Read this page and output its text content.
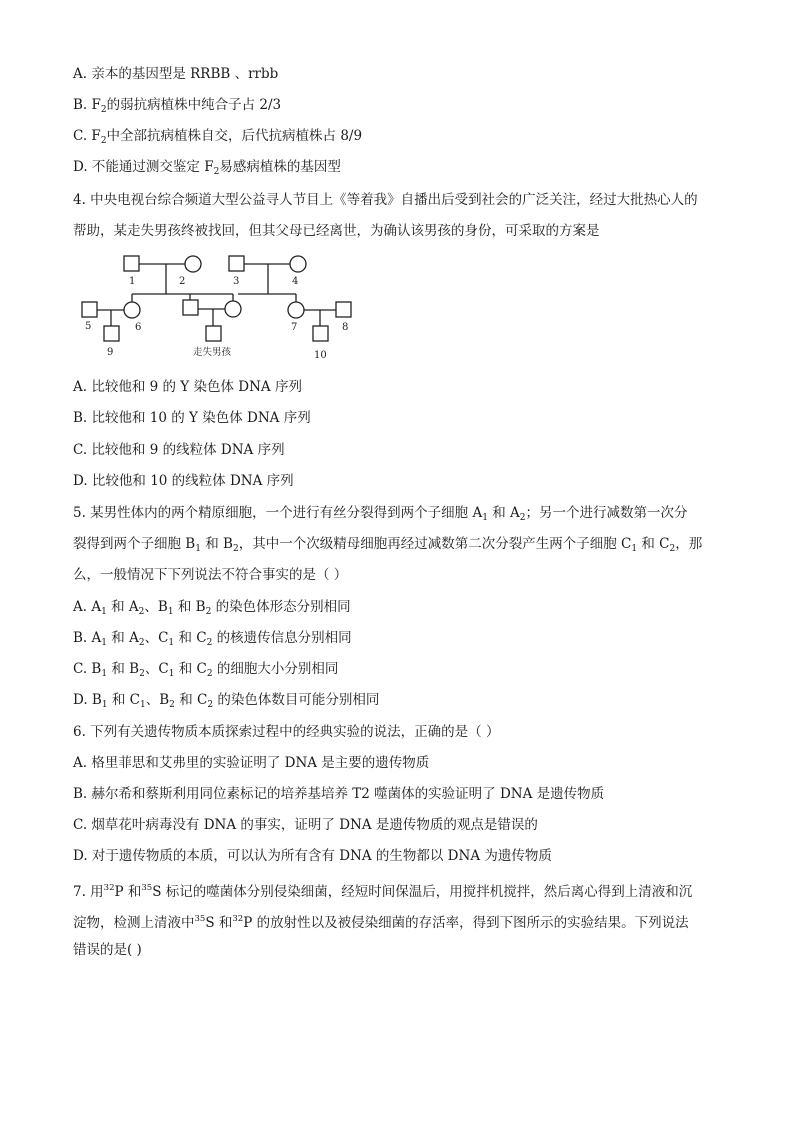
A. 亲本的基因型是 RRBB 、rrbb
B. $F_2$的弱抗病植株中纯合子占 2/3
C. $F_2$中全部抗病植株自交，后代抗病植株占 8/9
D. 不能通过测交鉴定 $F_2$易感病植株的基因型
4. 中央电视台综合频道大型公益寻人节目上《等着我》自播出后受到社会的广泛关注，经过大批热心人的
帮助，某走失男孩终被找回，但其父母已经离世，为确认该男孩的身份，可采取的方案是
1	2	3	4
5	6	7	8
9	走失男孩	10
A. 比较他和 9 的 Y 染色体 DNA 序列
B. 比较他和 10 的 Y 染色体 DNA 序列
C. 比较他和 9 的线粒体 DNA 序列
D. 比较他和 10 的线粒体 DNA 序列
5. 某男性体内的两个精原细胞，一个进行有丝分裂得到两个子细胞 $A_1$ 和 $A_2$；另一个进行减数第一次分
裂得到两个子细胞 $B_1$ 和 $B_2$，其中一个次级精母细胞再经过减数第二次分裂产生两个子细胞 $C_1$ 和 $C_2$，那
么，一般情况下下列说法不符合事实的是（ ）
A. $A_1$ 和 $A_2$、$B_1$ 和 $B_2$ 的染色体形态分别相同
B. $A_1$ 和 $A_2$、$C_1$ 和 $C_2$ 的核遗传信息分别相同
C. $B_1$ 和 $B_2$、$C_1$ 和 $C_2$ 的细胞大小分别相同
D. $B_1$ 和 $C_1$、$B_2$ 和 $C_2$ 的染色体数目可能分别相同
6. 下列有关遗传物质本质探索过程中的经典实验的说法，正确的是（ ）
A. 格里菲思和艾弗里的实验证明了 DNA 是主要的遗传物质
B. 赫尔希和蔡斯利用同位素标记的培养基培养 T2 噬菌体的实验证明了 DNA 是遗传物质
C. 烟草花叶病毒没有 DNA 的事实，证明了 DNA 是遗传物质的观点是错误的
D. 对于遗传物质的本质，可以认为所有含有 DNA 的生物都以 DNA 为遗传物质
7. 用$^{32}$P 和$^{35}$S 标记的噬菌体分别侵染细菌，经短时间保温后，用搅拌机搅拌，然后离心得到上清液和沉
淀物，检测上清液中$^{35}$S 和$^{32}$P 的放射性以及被侵染细菌的存活率，得到下图所示的实验结果。下列说法
错误的是( )
